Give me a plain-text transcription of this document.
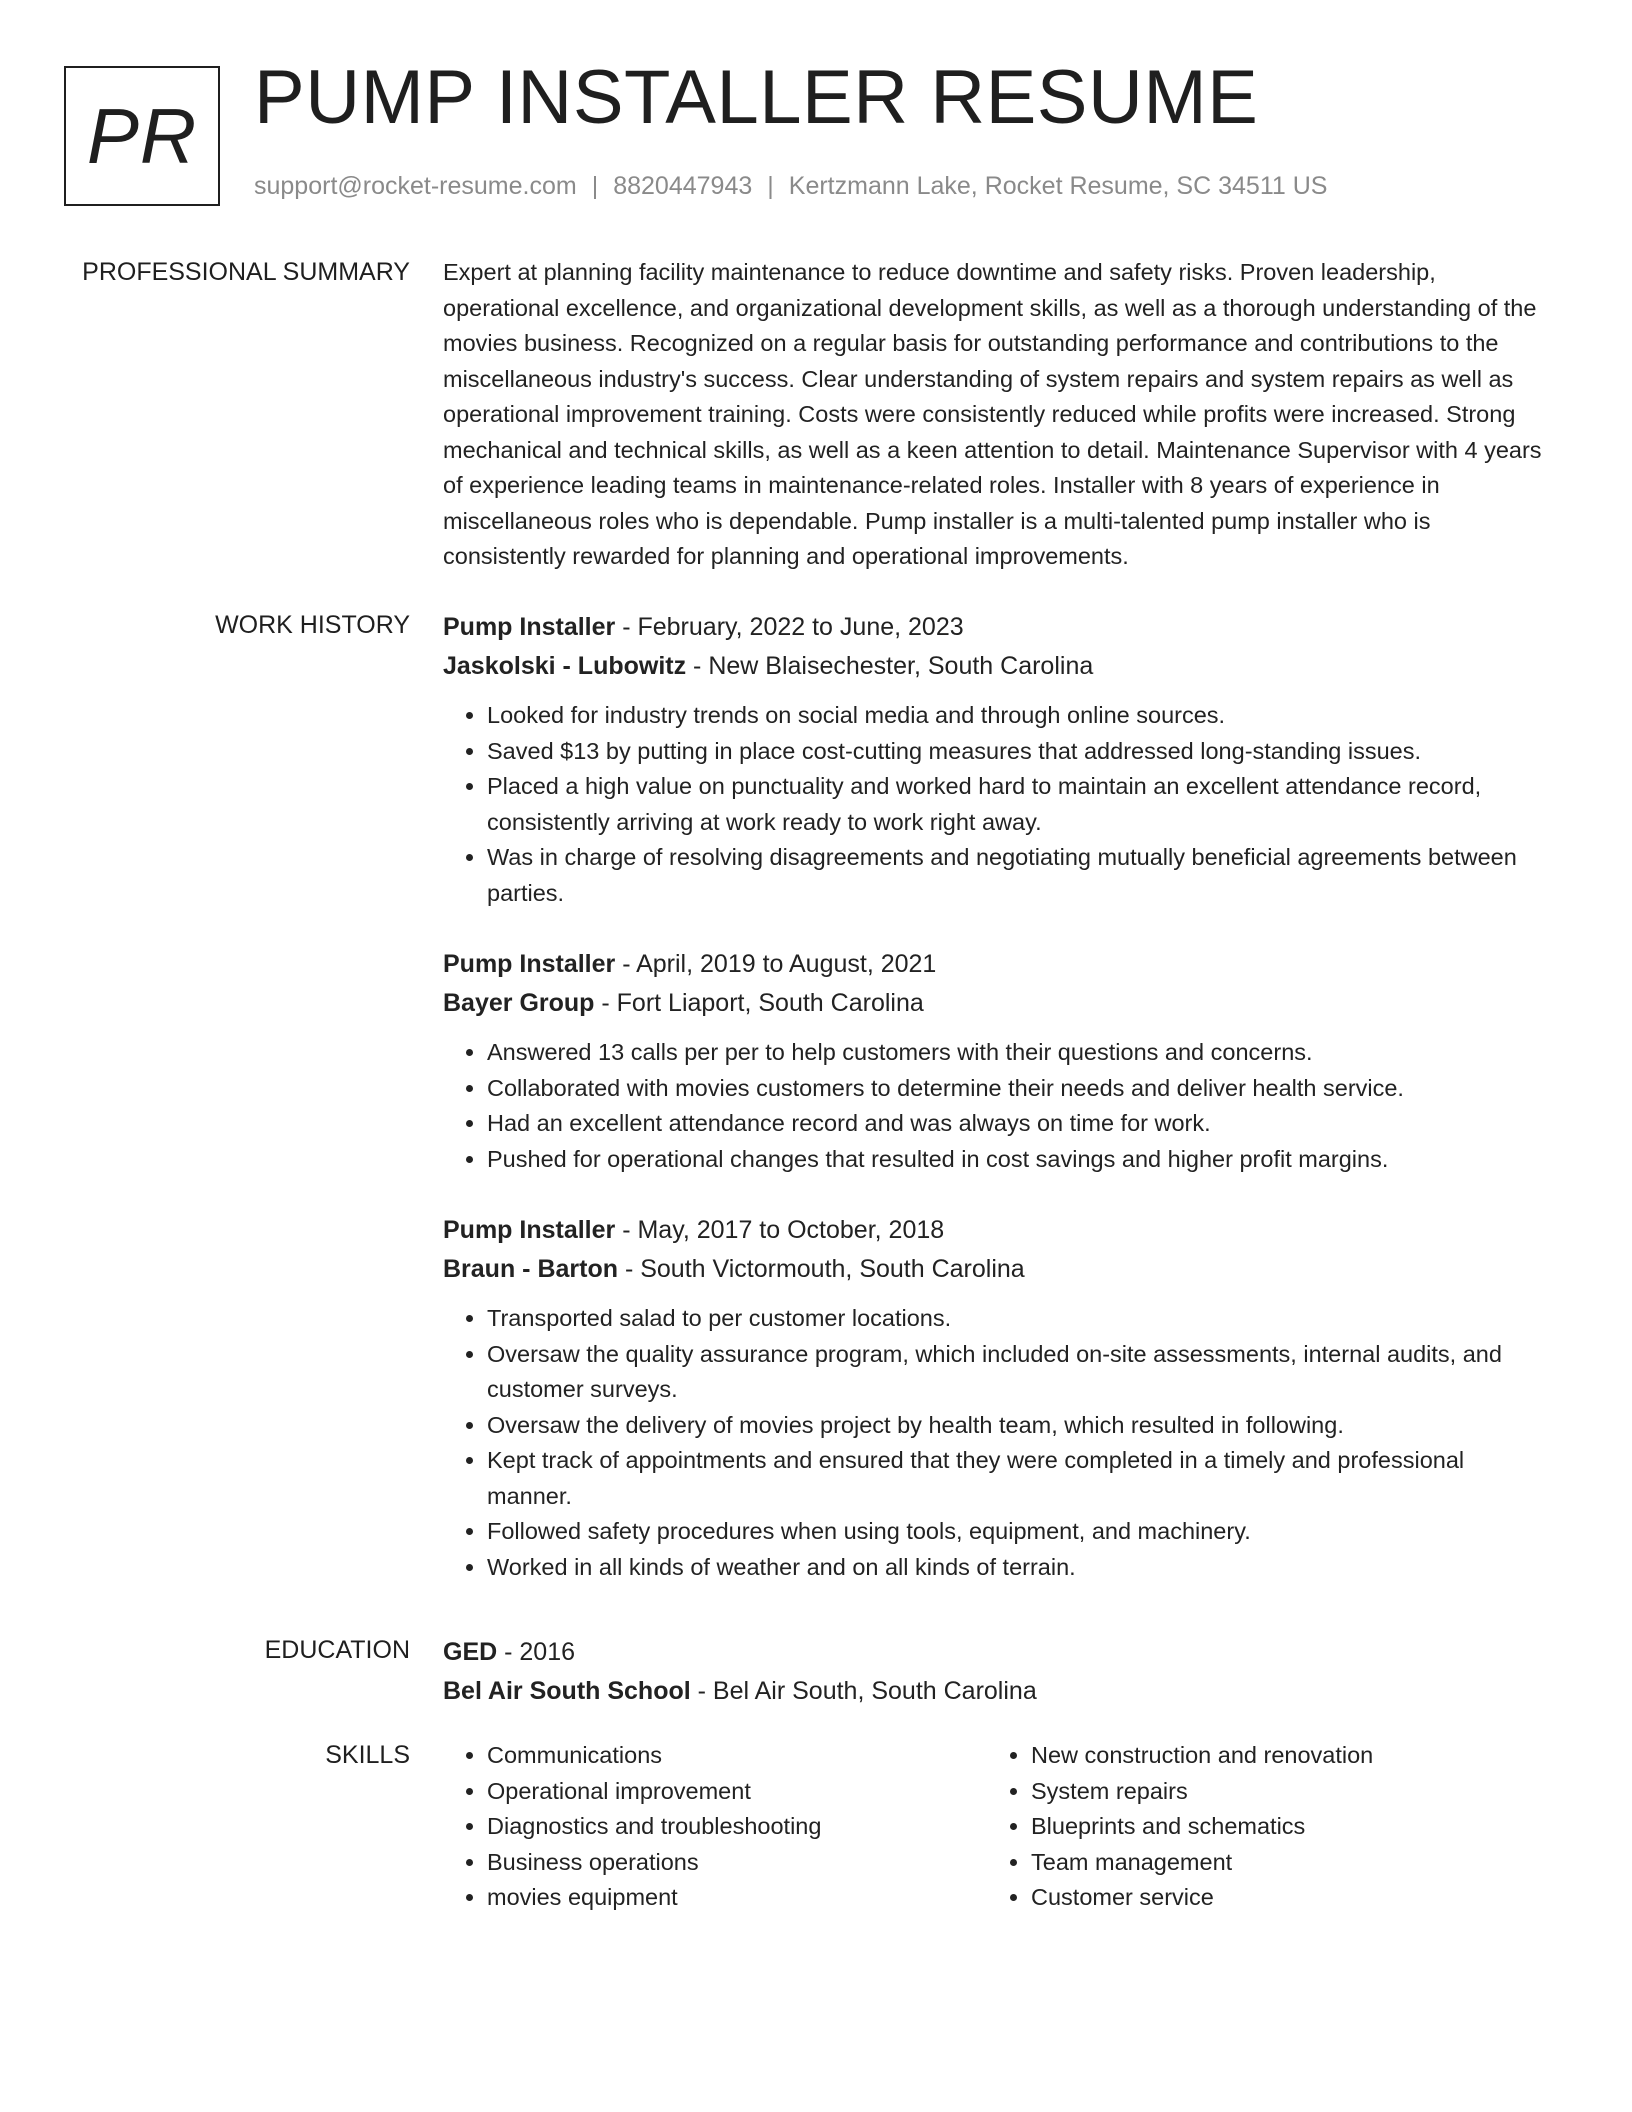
PR PUMP INSTALLER RESUME
support@rocket-resume.com | 8820447943 | Kertzmann Lake, Rocket Resume, SC 34511 US
PROFESSIONAL SUMMARY Expert at planning facility maintenance to reduce downtime and safety risks. Proven leadership, operational excellence, and organizational development skills, as well as a thorough understanding of the movies business. Recognized on a regular basis for outstanding performance and contributions to the miscellaneous industry's success. Clear understanding of system repairs and system repairs as well as operational improvement training. Costs were consistently reduced while profits were increased. Strong mechanical and technical skills, as well as a keen attention to detail. Maintenance Supervisor with 4 years of experience leading teams in maintenance-related roles. Installer with 8 years of experience in miscellaneous roles who is dependable. Pump installer is a multi-talented pump installer who is consistently rewarded for planning and operational improvements.

WORK HISTORY Pump Installer - February, 2022 to June, 2023
Jaskolski - Lubowitz - New Blaisechester, South Carolina
• Looked for industry trends on social media and through online sources.
• Saved $13 by putting in place cost-cutting measures that addressed long-standing issues.
• Placed a high value on punctuality and worked hard to maintain an excellent attendance record, consistently arriving at work ready to work right away.
• Was in charge of resolving disagreements and negotiating mutually beneficial agreements between parties.
Pump Installer - April, 2019 to August, 2021
Bayer Group - Fort Liaport, South Carolina
• Answered 13 calls per per to help customers with their questions and concerns.
• Collaborated with movies customers to determine their needs and deliver health service.
• Had an excellent attendance record and was always on time for work.
• Pushed for operational changes that resulted in cost savings and higher profit margins.
Pump Installer - May, 2017 to October, 2018
Braun - Barton - South Victormouth, South Carolina
• Transported salad to per customer locations.
• Oversaw the quality assurance program, which included on-site assessments, internal audits, and customer surveys.
• Oversaw the delivery of movies project by health team, which resulted in following.
• Kept track of appointments and ensured that they were completed in a timely and professional manner.
• Followed safety procedures when using tools, equipment, and machinery.
• Worked in all kinds of weather and on all kinds of terrain.
EDUCATION GED - 2016
Bel Air South School - Bel Air South, South Carolina
SKILLS
•	Communications
• Operational improvement
• Diagnostics and troubleshooting
• Business operations
• movies equipment
• New construction and renovation
• System repairs
• Blueprints and schematics
• Team management
• Customer service
